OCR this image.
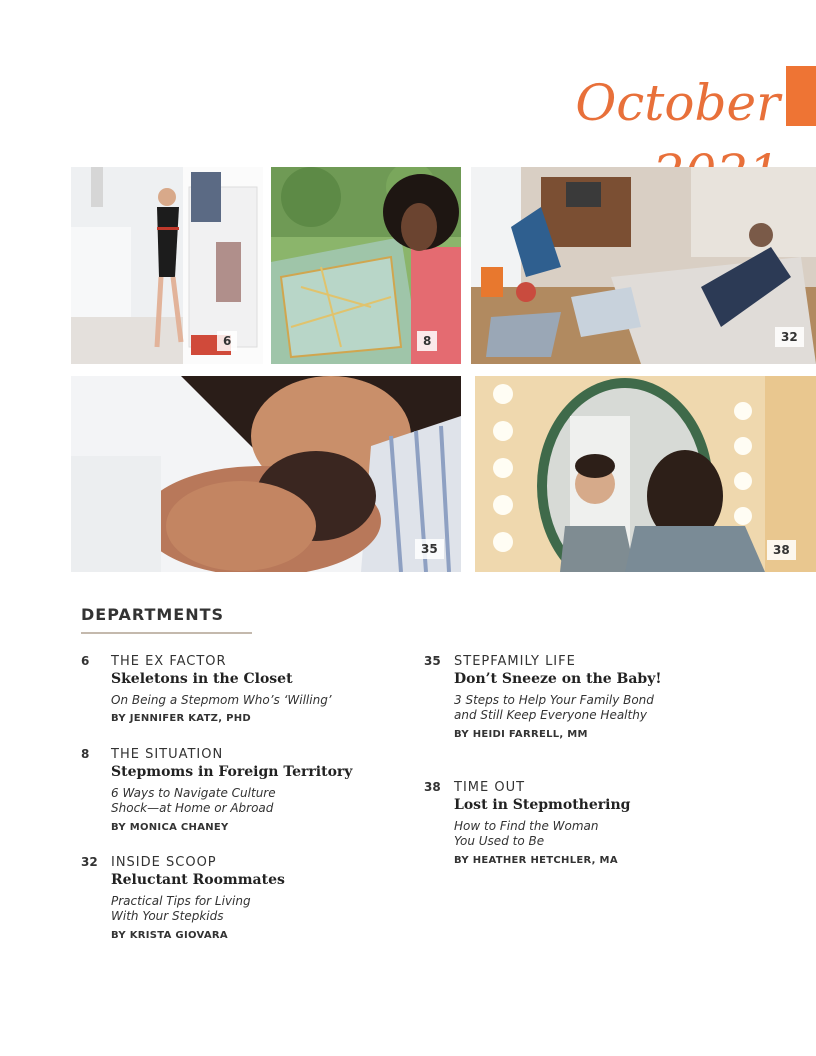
October
6	8	32
35	38
DEPARTMENTS
6 THE EX FACTOR
Skeletons in the Closet
On Being a Stepmom Who’s ‘Willing’
BY JENNIFER KATZ, PHD
8 THE SITUATION
Stepmoms in Foreign Territory
6 Ways to Navigate Culture
Shock—at Home or Abroad
BY MONICA CHANEY
32 INSIDE SCOOP
Reluctant Roommates
Practical Tips for Living
With Your Stepkids
BY KRISTA GIOVARA
35 STEPFAMILY LIFE
Don’t Sneeze on the Baby!
3 Steps to Help Your Family Bond
and Still Keep Everyone Healthy
BY HEIDI FARRELL, MM
38 TIME OUT
Lost in Stepmothering
How to Find the Woman
You Used to Be
BY HEATHER HETCHLER, MA
